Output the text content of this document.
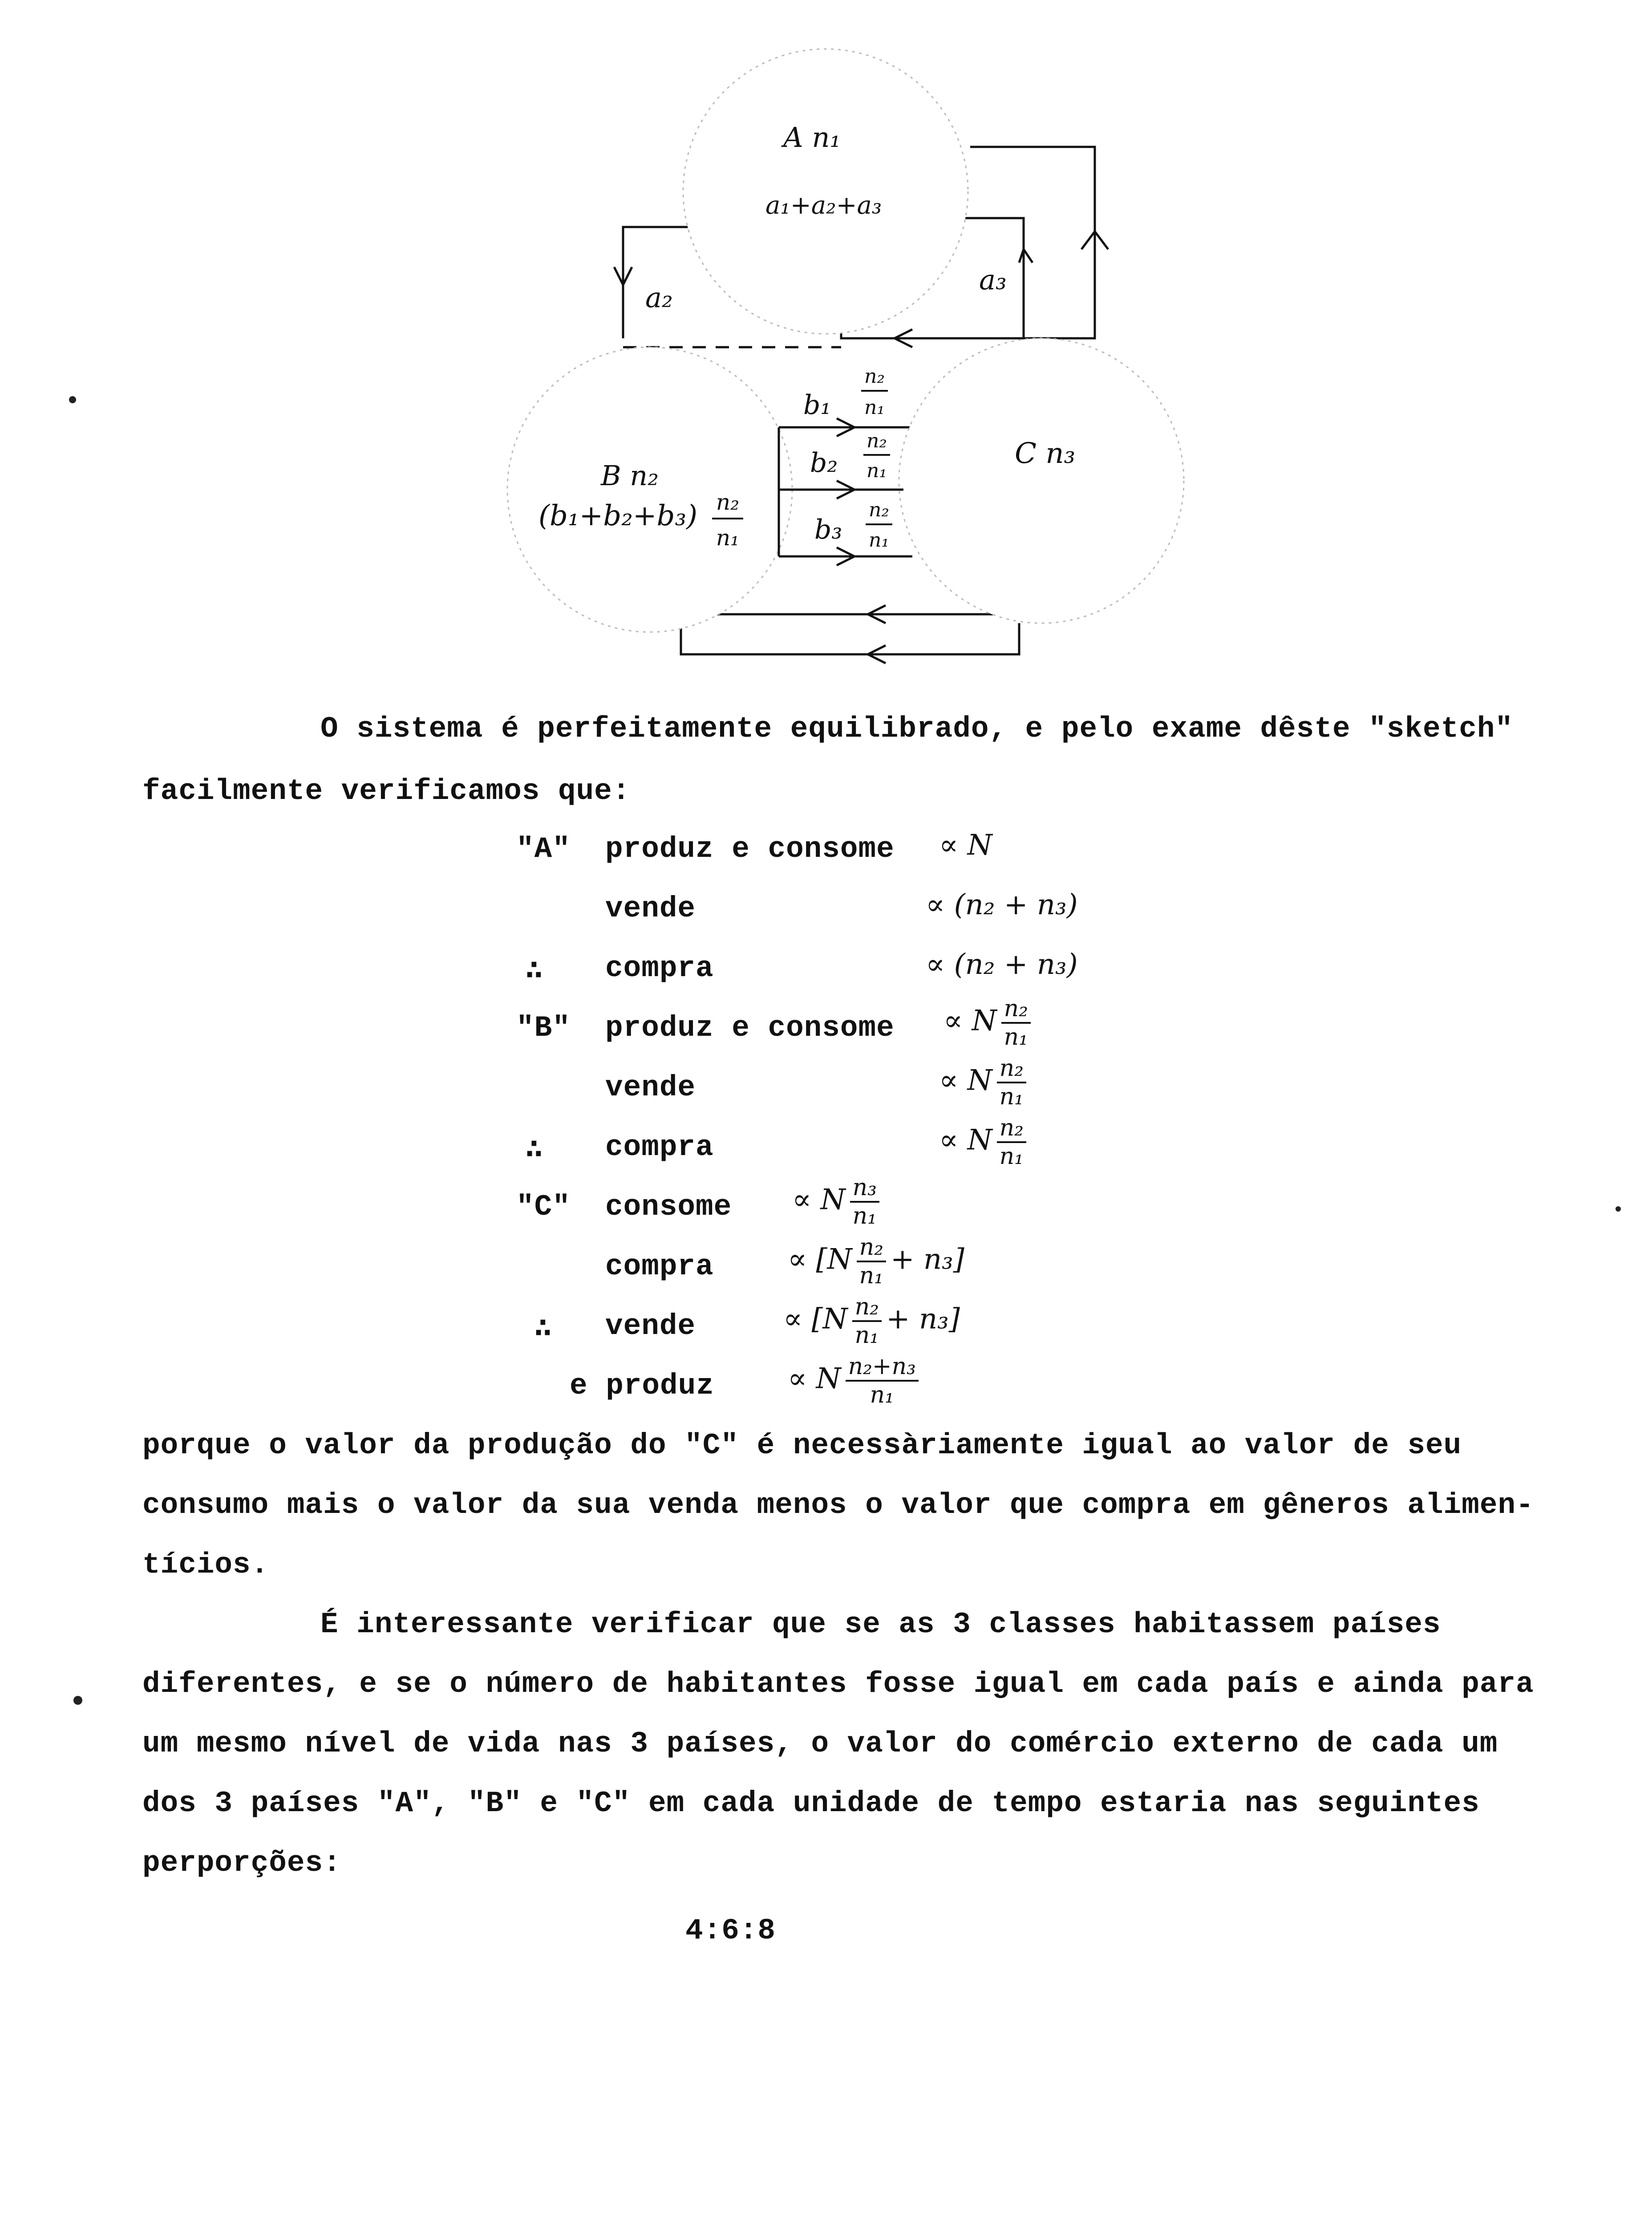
A n₁
a₁+a₂+a₃
a₂
a₃
B n₂
(b₁+b₂+b₃) n₂
n₁
C n₃
b₁
n₂
n₁
b₂
n₂
n₁
b₃
n₂
n₁
O sistema é perfeitamente equilibrado, e pelo exame dêste "sketch"
facilmente verificamos que:
"A" produz e consome ∝ N
vende	∝ (n₂ + n₃)
∴ compra	∝ (n₂ + n₃)
"B" produz e consome ∝ N $\frac{\text{n₂}}{\text{n₁}}$
vende	∝ N $\frac{\text{n₂}}{\text{n₁}}$
∴ compra	∝ N $\frac{\text{n₂}}{\text{n₁}}$
"C" consome ∝ N $\frac{\text{n₃}}{\text{n₁}}$
compra	∝ $[N \frac{\text{n₂}}{\text{n₁}} + n_3]$
∴ vende	∝ $[N \frac{\text{n₂}}{\text{n₁}} + n_3]$
e produz	∝ N $\frac{\text{n₂+n₃}}{\text{n₁}}$
porque o valor da produção do "C" é necessàriamente igual ao valor de seu
consumo mais o valor da sua venda menos o valor que compra em gêneros alimen-
tícios.
É interessante verificar que se as 3 classes habitassem países
diferentes, e se o número de habitantes fosse igual em cada país e ainda para
um mesmo nível de vida nas 3 países, o valor do comércio externo de cada um
dos 3 países "A", "B" e "C" em cada unidade de tempo estaria nas seguintes
perporções:
4:6:8
